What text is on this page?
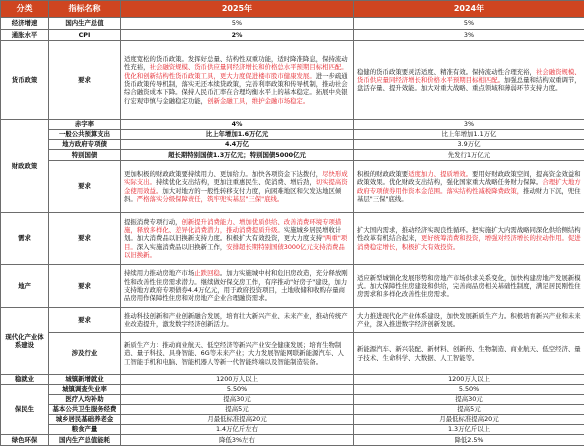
分类	指标名称	2025年	2024年
经济增速	国内生产总值	5%	5%
通胀水平	CPI	2%	3%
货币政策	要求	适度宽松的货币政策。发挥好总量、结构性双重功能，适时降准降息，保持流动性充裕，社会融资规模、货币供应量同经济增长和价格总水平预期目标相匹配。优化和创新结构性货币政策工具，更大力度促进楼市股市健康发展。进一步疏通货币政策传导机制，落实无还本续贷政策，完善利率政策和传导机制，推动社会综合融资成本下降。保持人民币汇率在合理均衡水平上的基本稳定。拓展中央银行宏观审慎与金融稳定功能，创新金融工具，维护金融市场稳定。	稳健的货币政策要灵活适度、精准有效。保持流动性合理充裕，社会融资规模、货币供应量同经济增长和价格水平预期目标相匹配。加强总量和结构双重调节，盘活存量、提升效能。加大对重大战略、重点领域和薄弱环节支持力度。
财政政策	赤字率	4%	3%
	一般公共预算支出	比上年增加1.6万亿元	比上年增加1.1万亿
	地方政府专项债	4.4万亿	3.9万亿
	特别国债	超长期特别国债1.3万亿元；特别国债5000亿元	先发行1万亿元
	要求	更加积极的财政政策要持续用力、更加给力。加快各项资金下达拨付，尽快形成实际支出。持续优化支出结构，更加注重惠民生、促消费、增后劲，切实提高资金使用效益。加大对地方的一般性转移支付力度，向困难地区和欠发达地区倾斜。严格落实分级保障责任，筑牢兜实基层"三保"底线。	积极的财政政策要适度加力、提质增效。要用好财政政策空间，提高资金效益和政策效果。优化财政支出结构，强化国家重大战略任务财力保障。合理扩大地方政府专项债券用作资本金范围。落实结构性减税降费政策，推动财力下沉，兜住基层"三保"底线。
需求	要求	提振消费专项行动，创新提升消费能力、增加优质供给、改善消费环境专项措施，释放多样化、差异化消费潜力，推动消费提质升级。实施城乡居民增收计划。加大消费品以旧换新支持力度。积极扩大有效投资，更大力度支持"两重"项目。深入实施消费品以旧换新工作，安排超长期特别国债3000亿元支持消费品以旧换新。	扩大国内需求，推动经济实现良性循环。把实施扩大内需战略同深化供给侧结构性改革有机结合起来，更好统筹消费和投资，增强对经济增长的拉动作用。促进消费稳定增长，积极扩大有效投资。
地产	要求	持续用力推动房地产市场止跌回稳。加力实施城中村和危旧房改造，充分释放刚性和改善性住房需求潜力。继续做好保交房工作，有序推动"好房子"建设，加力支持地方政府专项债券4.4万亿元，用于政府投资项目，土地收储和收购存量商品房用作保障性住房和对房地产企业合理融资需求。	适应新型城镇化发展形势和房地产市场供求关系变化，加快构建房地产发展新模式。加大保障性住房建设和供给，完善商品房相关基础性制度，满足居民刚性住房需求和多样化改善性住房需求。
现代化产业体系建设	要求	推动科技创新和产业创新融合发展，培育壮大新兴产业、未来产业，推动传统产业改造提升，激发数字经济创新活力。	大力推进现代化产业体系建设，加快发展新质生产力。积极培育新兴产业和未来产业，深入推进数字经济创新发展。
	涉及行业	新质生产力：推动商业航天、低空经济等新兴产业安全健康发展；培育生物制造、量子科技、具身智能、6G等未来产业；大力发展智能网联新能源汽车、人工智能手机和电脑、智能机器人等新一代智能终端以及智能制造装备。	新能源汽车、新兴装配、新材料、创新药、生物制造、商业航天、低空经济、量子技术、生命科学、大数据、人工智能等。
稳就业	城镇新增就业	1200万人以上	1200万人以上
保民生	城镇调查失业率	5.50%	5.50%
	医疗人均补助	提高30元	提高30元
	基本公共卫生服务经费	提高5元	提高5元
	城乡居民基础养老金	月最低标准提高20元	月最低标准提高20元
	粮食产量	1.4万亿斤左右	1.3万亿斤以上
绿色环保	国内生产总值能耗	降低3%左右	降低2.5%
